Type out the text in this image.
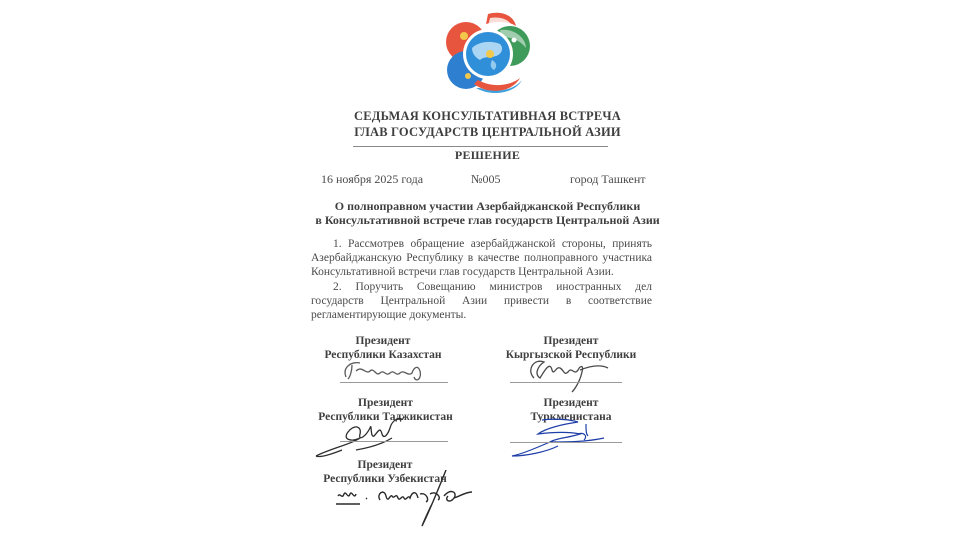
СЕДЬМАЯ КОНСУЛЬТАТИВНАЯ ВСТРЕЧА
ГЛАВ ГОСУДАРСТВ ЦЕНТРАЛЬНОЙ АЗИИ
РЕШЕНИЕ
16 ноября 2025 года	№005	город Ташкент
О полноправном участии Азербайджанской Республики
в Консультативной встрече глав государств Центральной Азии

1. Рассмотрев обращение азербайджанской стороны, принять Азербайджанскую Республику в качестве полноправного участника Консультативной встречи глав государств Центральной Азии.

2. Поручить Совещанию министров иностранных дел государств Центральной Азии привести в соответствие регламентирующие документы.

Президент
Республики Казахстан
Президент
Кыргызской Республики
Президент
Республики Таджикистан
Президент
Туркменистана
Президент
Республики Узбекистан
